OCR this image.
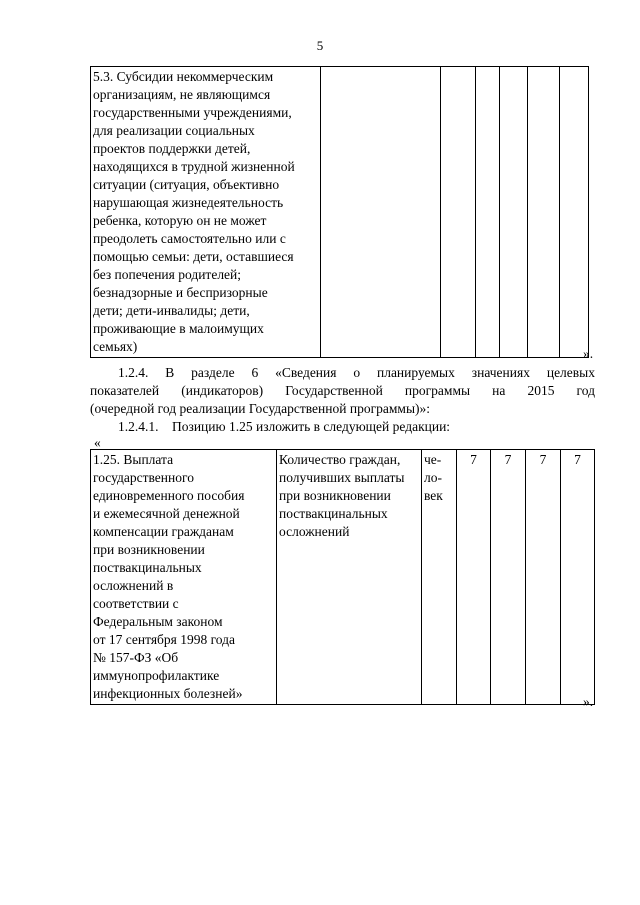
5
5.3. Субсидии некоммерческим
организациям, не являющимся
государственными учреждениями,
для реализации социальных
проектов поддержки детей,
находящихся в трудной жизненной
ситуации (ситуация, объективно
нарушающая жизнедеятельность
ребенка, которую он не может
преодолеть самостоятельно или с
помощью семьи: дети, оставшиеся
без попечения родителей;
безнадзорные и беспризорные
дети; дети-инвалиды; дети,
проживающие в малоимущих
семьях)							».
1.2.4. В разделе 6 «Сведения о планируемых значениях целевых
показателей (индикаторов) Государственной программы на 2015 год
(очередной год реализации Государственной программы)»:
1.2.4.1.    Позицию 1.25 изложить в следующей редакции:
«
1.25. Выплата
государственного
единовременного пособия
и ежемесячной денежной
компенсации гражданам
при возникновении
поствакцинальных
осложнений в
соответствии с
Федеральным законом
от 17 сентября 1998 года
№ 157-ФЗ «Об
иммунопрофилактике
инфекционных болезней»	Количество граждан,
получивших выплаты
при возникновении
поствакцинальных
осложнений	че-
ло-
век	7	7	7	7
».
